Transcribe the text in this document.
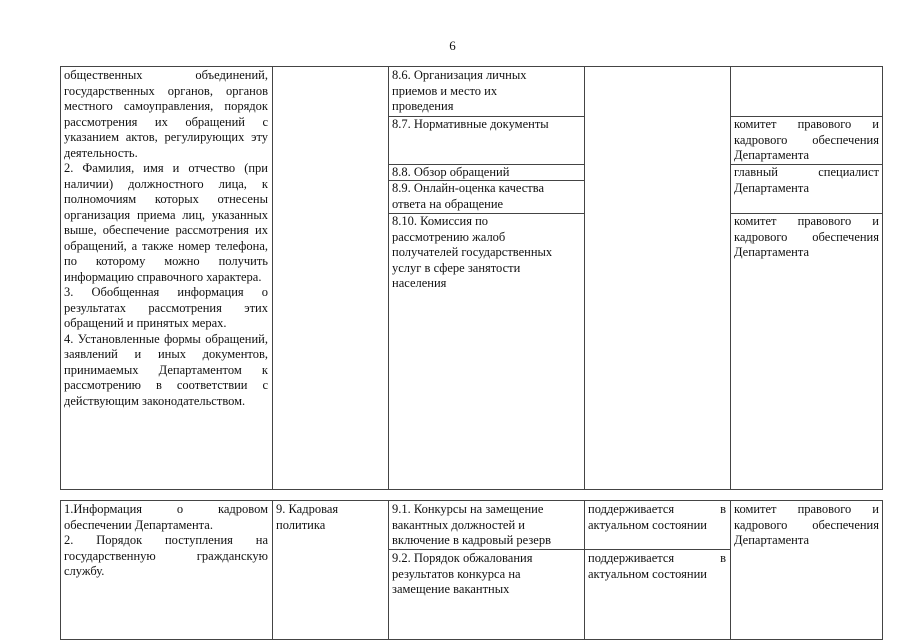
6

общественных объединений, государственных органов, органов местного самоуправления, порядок рассмотрения их обращений с указанием актов, регулирующих эту деятельность.

2. Фамилия, имя и отчество (при наличии) должностного лица, к полномочиям которых отнесены организация приема лиц, указанных выше, обеспечение рассмотрения их обращений, а также номер телефона, по которому можно получить информацию справочного характера.

3. Обобщенная информация о результатах рассмотрения этих обращений и принятых мерах.

4. Установленные формы обращений, заявлений и иных документов, принимаемых Департаментом к рассмотрению в соответствии с действующим законодательством.

8.6. Организация личных приемов и место их проведения
8.7. Нормативные документы
8.8. Обзор обращений
8.9. Онлайн-оценка качества ответа на обращение
8.10. Комиссия по рассмотрению жалоб получателей государственных услуг в сфере занятости населения
комитет правового и кадрового обеспечения Департамента
главный специалист Департамента
комитет правового и кадрового обеспечения Департамента

1.Информация о кадровом обеспечении Департамента.

2. Порядок поступления на государственную гражданскую службу.

9. Кадровая политика
9.1. Конкурсы на замещение вакантных должностей и включение в кадровый резерв
9.2. Порядок обжалования результатов конкурса на замещение вакантных
поддерживается в актуальном состоянии
поддерживается в актуальном состоянии
комитет правового и кадрового обеспечения Департамента
